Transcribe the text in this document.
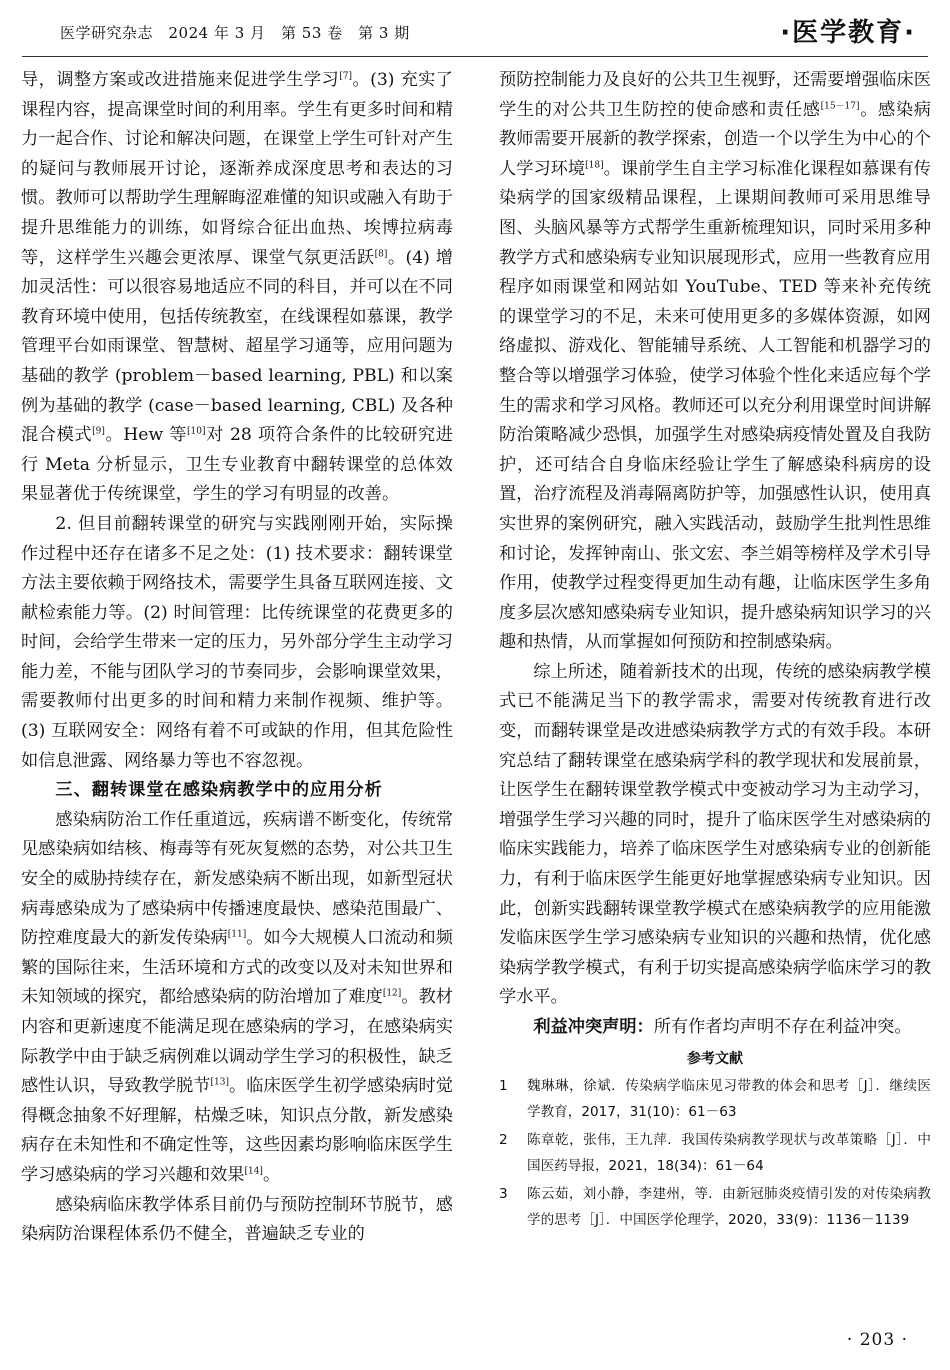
医学研究杂志　2024 年 3 月　第 53 卷　第 3 期	·医学教育·

导，调整方案或改进措施来促进学生学习[7]。(3) 充实了课程内容，提高课堂时间的利用率。学生有更多时间和精力一起合作、讨论和解决问题，在课堂上学生可针对产生的疑问与教师展开讨论，逐渐养成深度思考和表达的习惯。教师可以帮助学生理解晦涩难懂的知识或融入有助于提升思维能力的训练，如肾综合征出血热、埃博拉病毒等，这样学生兴趣会更浓厚、课堂气氛更活跃[8]。(4) 增加灵活性：可以很容易地适应不同的科目，并可以在不同教育环境中使用，包括传统教室，在线课程如慕课，教学管理平台如雨课堂、智慧树、超星学习通等，应用问题为基础的教学 (problem－based learning, PBL) 和以案例为基础的教学 (case－based learning, CBL) 及各种混合模式[9]。Hew 等[10]对 28 项符合条件的比较研究进行 Meta 分析显示，卫生专业教育中翻转课堂的总体效果显著优于传统课堂，学生的学习有明显的改善。

2. 但目前翻转课堂的研究与实践刚刚开始，实际操作过程中还存在诸多不足之处：(1) 技术要求：翻转课堂方法主要依赖于网络技术，需要学生具备互联网连接、文献检索能力等。(2) 时间管理：比传统课堂的花费更多的时间，会给学生带来一定的压力，另外部分学生主动学习能力差，不能与团队学习的节奏同步，会影响课堂效果，需要教师付出更多的时间和精力来制作视频、维护等。(3) 互联网安全：网络有着不可或缺的作用，但其危险性如信息泄露、网络暴力等也不容忽视。

三、翻转课堂在感染病教学中的应用分析

感染病防治工作任重道远，疾病谱不断变化，传统常见感染病如结核、梅毒等有死灰复燃的态势，对公共卫生安全的威胁持续存在，新发感染病不断出现，如新型冠状病毒感染成为了感染病中传播速度最快、感染范围最广、防控难度最大的新发传染病[11]。如今大规模人口流动和频繁的国际往来，生活环境和方式的改变以及对未知世界和未知领域的探究，都给感染病的防治增加了难度[12]。教材内容和更新速度不能满足现在感染病的学习，在感染病实际教学中由于缺乏病例难以调动学生学习的积极性，缺乏感性认识，导致教学脱节[13]。临床医学生初学感染病时觉得概念抽象不好理解，枯燥乏味，知识点分散，新发感染病存在未知性和不确定性等，这些因素均影响临床医学生学习感染病的学习兴趣和效果[14]。

感染病临床教学体系目前仍与预防控制环节脱节，感染病防治课程体系仍不健全，普遍缺乏专业的

预防控制能力及良好的公共卫生视野，还需要增强临床医学生的对公共卫生防控的使命感和责任感[15－17]。感染病教师需要开展新的教学探索，创造一个以学生为中心的个人学习环境[18]。课前学生自主学习标准化课程如慕课有传染病学的国家级精品课程，上课期间教师可采用思维导图、头脑风暴等方式帮学生重新梳理知识，同时采用多种教学方式和感染病专业知识展现形式，应用一些教育应用程序如雨课堂和网站如 YouTube、TED 等来补充传统的课堂学习的不足，未来可使用更多的多媒体资源，如网络虚拟、游戏化、智能辅导系统、人工智能和机器学习的整合等以增强学习体验，使学习体验个性化来适应每个学生的需求和学习风格。教师还可以充分利用课堂时间讲解防治策略减少恐惧，加强学生对感染病疫情处置及自我防护，还可结合自身临床经验让学生了解感染科病房的设置，治疗流程及消毒隔离防护等，加强感性认识，使用真实世界的案例研究，融入实践活动，鼓励学生批判性思维和讨论，发挥钟南山、张文宏、李兰娟等榜样及学术引导作用，使教学过程变得更加生动有趣，让临床医学生多角度多层次感知感染病专业知识，提升感染病知识学习的兴趣和热情，从而掌握如何预防和控制感染病。

综上所述，随着新技术的出现，传统的感染病教学模式已不能满足当下的教学需求，需要对传统教育进行改变，而翻转课堂是改进感染病教学方式的有效手段。本研究总结了翻转课堂在感染病学科的教学现状和发展前景，让医学生在翻转课堂教学模式中变被动学习为主动学习，增强学生学习兴趣的同时，提升了临床医学生对感染病的临床实践能力，培养了临床医学生对感染病专业的创新能力，有利于临床医学生能更好地掌握感染病专业知识。因此，创新实践翻转课堂教学模式在感染病教学的应用能激发临床医学生学习感染病专业知识的兴趣和热情，优化感染病学教学模式，有利于切实提高感染病学临床学习的教学水平。

利益冲突声明：所有作者均声明不存在利益冲突。

参考文献
1	魏琳琳，徐斌．传染病学临床见习带教的体会和思考［J］．继续医学教育，2017，31(10)：61－63
2	陈章乾，张伟，王九萍．我国传染病教学现状与改革策略［J］．中国医药导报，2021，18(34)：61－64
3	陈云茹，刘小静，李建州，等．由新冠肺炎疫情引发的对传染病教学的思考［J］．中国医学伦理学，2020，33(9)：1136－1139
· 203 ·
